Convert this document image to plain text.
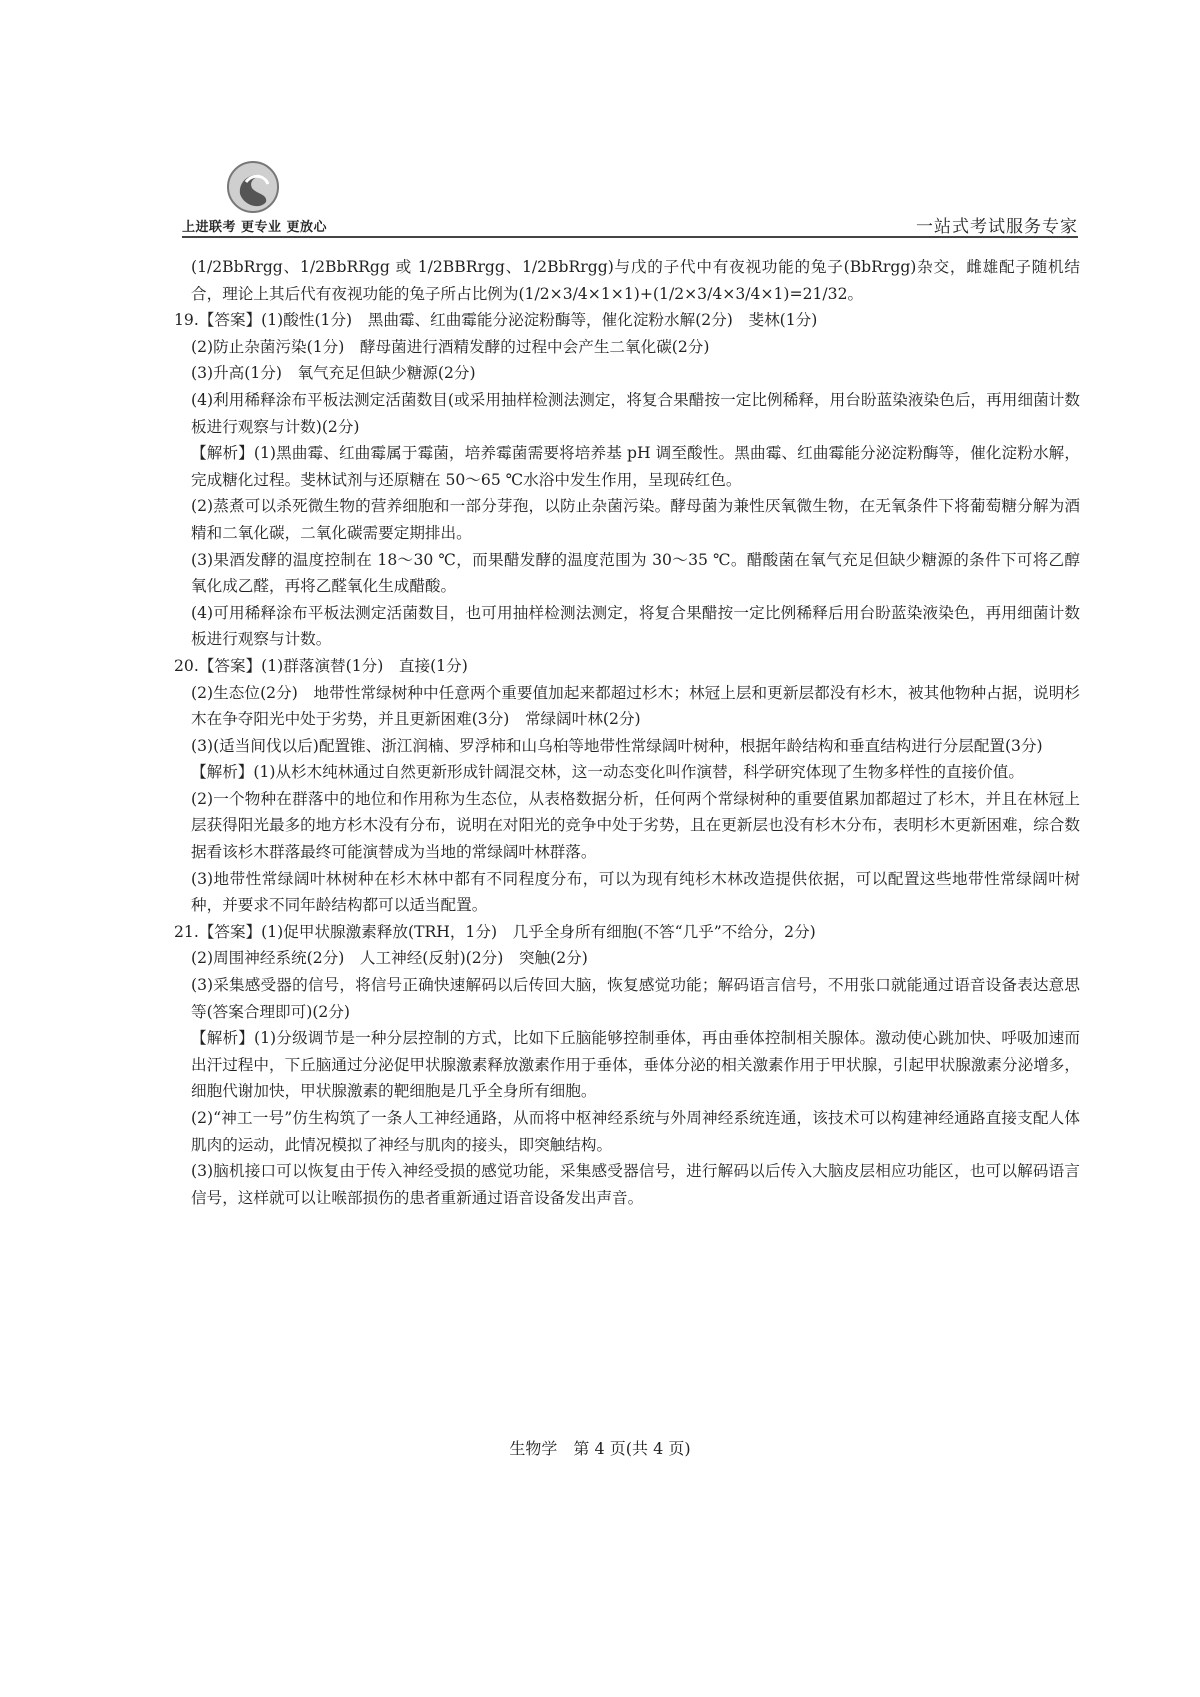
上进联考 更专业 更放心	一站式考试服务专家

(1/2BbRrgg、1/2BbRRgg 或 1/2BBRrgg、1/2BbRrgg)与戊的子代中有夜视功能的兔子(BbRrgg)杂交，雌雄配子随机结合，理论上其后代有夜视功能的兔子所占比例为(1/2×3/4×1×1)+(1/2×3/4×3/4×1)=21/32。

19.【答案】(1)酸性(1分)　黑曲霉、红曲霉能分泌淀粉酶等，催化淀粉水解(2分)　斐林(1分)

(2)防止杂菌污染(1分)　酵母菌进行酒精发酵的过程中会产生二氧化碳(2分)

(3)升高(1分)　氧气充足但缺少糖源(2分)

(4)利用稀释涂布平板法测定活菌数目(或采用抽样检测法测定，将复合果醋按一定比例稀释，用台盼蓝染液染色后，再用细菌计数板进行观察与计数)(2分)

【解析】(1)黑曲霉、红曲霉属于霉菌，培养霉菌需要将培养基 pH 调至酸性。黑曲霉、红曲霉能分泌淀粉酶等，催化淀粉水解，完成糖化过程。斐林试剂与还原糖在 50～65 ℃水浴中发生作用，呈现砖红色。

(2)蒸煮可以杀死微生物的营养细胞和一部分芽孢，以防止杂菌污染。酵母菌为兼性厌氧微生物，在无氧条件下将葡萄糖分解为酒精和二氧化碳，二氧化碳需要定期排出。

(3)果酒发酵的温度控制在 18～30 ℃，而果醋发酵的温度范围为 30～35 ℃。醋酸菌在氧气充足但缺少糖源的条件下可将乙醇氧化成乙醛，再将乙醛氧化生成醋酸。

(4)可用稀释涂布平板法测定活菌数目，也可用抽样检测法测定，将复合果醋按一定比例稀释后用台盼蓝染液染色，再用细菌计数板进行观察与计数。

20.【答案】(1)群落演替(1分)　直接(1分)

(2)生态位(2分)　地带性常绿树种中任意两个重要值加起来都超过杉木；林冠上层和更新层都没有杉木，被其他物种占据，说明杉木在争夺阳光中处于劣势，并且更新困难(3分)　常绿阔叶林(2分)

(3)(适当间伐以后)配置锥、浙江润楠、罗浮柿和山乌桕等地带性常绿阔叶树种，根据年龄结构和垂直结构进行分层配置(3分)

【解析】(1)从杉木纯林通过自然更新形成针阔混交林，这一动态变化叫作演替，科学研究体现了生物多样性的直接价值。

(2)一个物种在群落中的地位和作用称为生态位，从表格数据分析，任何两个常绿树种的重要值累加都超过了杉木，并且在林冠上层获得阳光最多的地方杉木没有分布，说明在对阳光的竞争中处于劣势，且在更新层也没有杉木分布，表明杉木更新困难，综合数据看该杉木群落最终可能演替成为当地的常绿阔叶林群落。

(3)地带性常绿阔叶林树种在杉木林中都有不同程度分布，可以为现有纯杉木林改造提供依据，可以配置这些地带性常绿阔叶树种，并要求不同年龄结构都可以适当配置。

21.【答案】(1)促甲状腺激素释放(TRH，1分)　几乎全身所有细胞(不答“几乎”不给分，2分)

(2)周围神经系统(2分)　人工神经(反射)(2分)　突触(2分)

(3)采集感受器的信号，将信号正确快速解码以后传回大脑，恢复感觉功能；解码语言信号，不用张口就能通过语音设备表达意思等(答案合理即可)(2分)

【解析】(1)分级调节是一种分层控制的方式，比如下丘脑能够控制垂体，再由垂体控制相关腺体。激动使心跳加快、呼吸加速而出汗过程中，下丘脑通过分泌促甲状腺激素释放激素作用于垂体，垂体分泌的相关激素作用于甲状腺，引起甲状腺激素分泌增多，细胞代谢加快，甲状腺激素的靶细胞是几乎全身所有细胞。

(2)“神工一号”仿生构筑了一条人工神经通路，从而将中枢神经系统与外周神经系统连通，该技术可以构建神经通路直接支配人体肌肉的运动，此情况模拟了神经与肌肉的接头，即突触结构。

(3)脑机接口可以恢复由于传入神经受损的感觉功能，采集感受器信号，进行解码以后传入大脑皮层相应功能区，也可以解码语言信号，这样就可以让喉部损伤的患者重新通过语音设备发出声音。

生物学　第 4 页(共 4 页)
